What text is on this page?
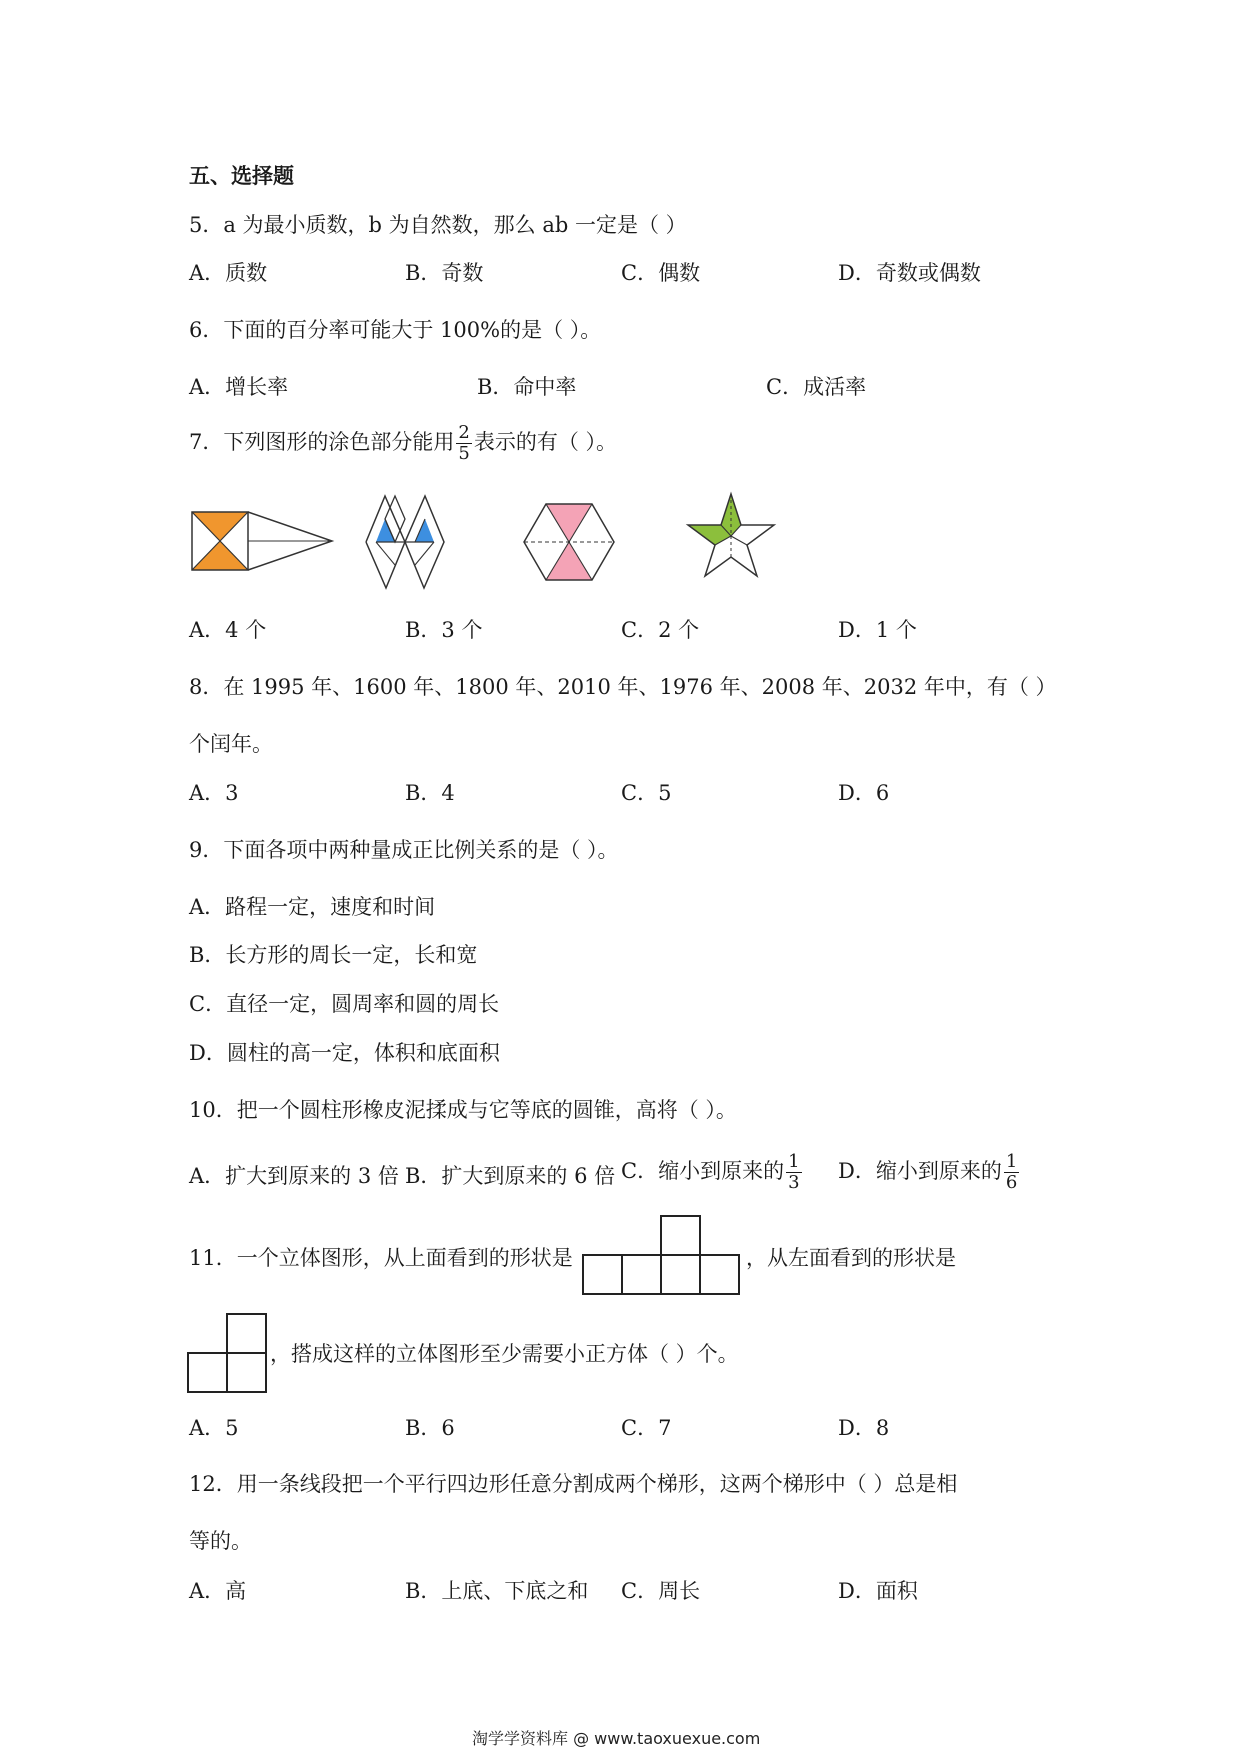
五、选择题
5．a 为最小质数，b 为自然数，那么 ab 一定是（ ）
A．质数	B．奇数	C．偶数	D．奇数或偶数
6．下面的百分率可能大于 100%的是（ ）。
A．增长率	B．命中率	C．成活率
7．下列图形的涂色部分能用 $\frac{2}{5}$ 表示的有（ ）。
A．4 个	B．3 个	C．2 个	D．1 个
8．在 1995 年、1600 年、1800 年、2010 年、1976 年、2008 年、2032 年中，有（ ）
个闰年。
A．3	B．4	C．5	D．6
9．下面各项中两种量成正比例关系的是（ ）。
A．路程一定，速度和时间
B．长方形的周长一定，长和宽
C．直径一定，圆周率和圆的周长
D．圆柱的高一定，体积和底面积
10．把一个圆柱形橡皮泥揉成与它等底的圆锥，高将（ ）。
A．扩大到原来的 3 倍 B．扩大到原来的 6 倍 C．缩小到原来的 $\frac{1}{3}$ D．缩小到原来的 $\frac{1}{6}$
11．一个立体图形，从上面看到的形状是	，从左面看到的形状是
，搭成这样的立体图形至少需要小正方体（ ）个。
A．5	B．6	C．7	D．8
12．用一条线段把一个平行四边形任意分割成两个梯形，这两个梯形中（ ）总是相
等的。
A．高	B．上底、下底之和 C．周长	D．面积
淘学学资料库 @ www.taoxuexue.com
